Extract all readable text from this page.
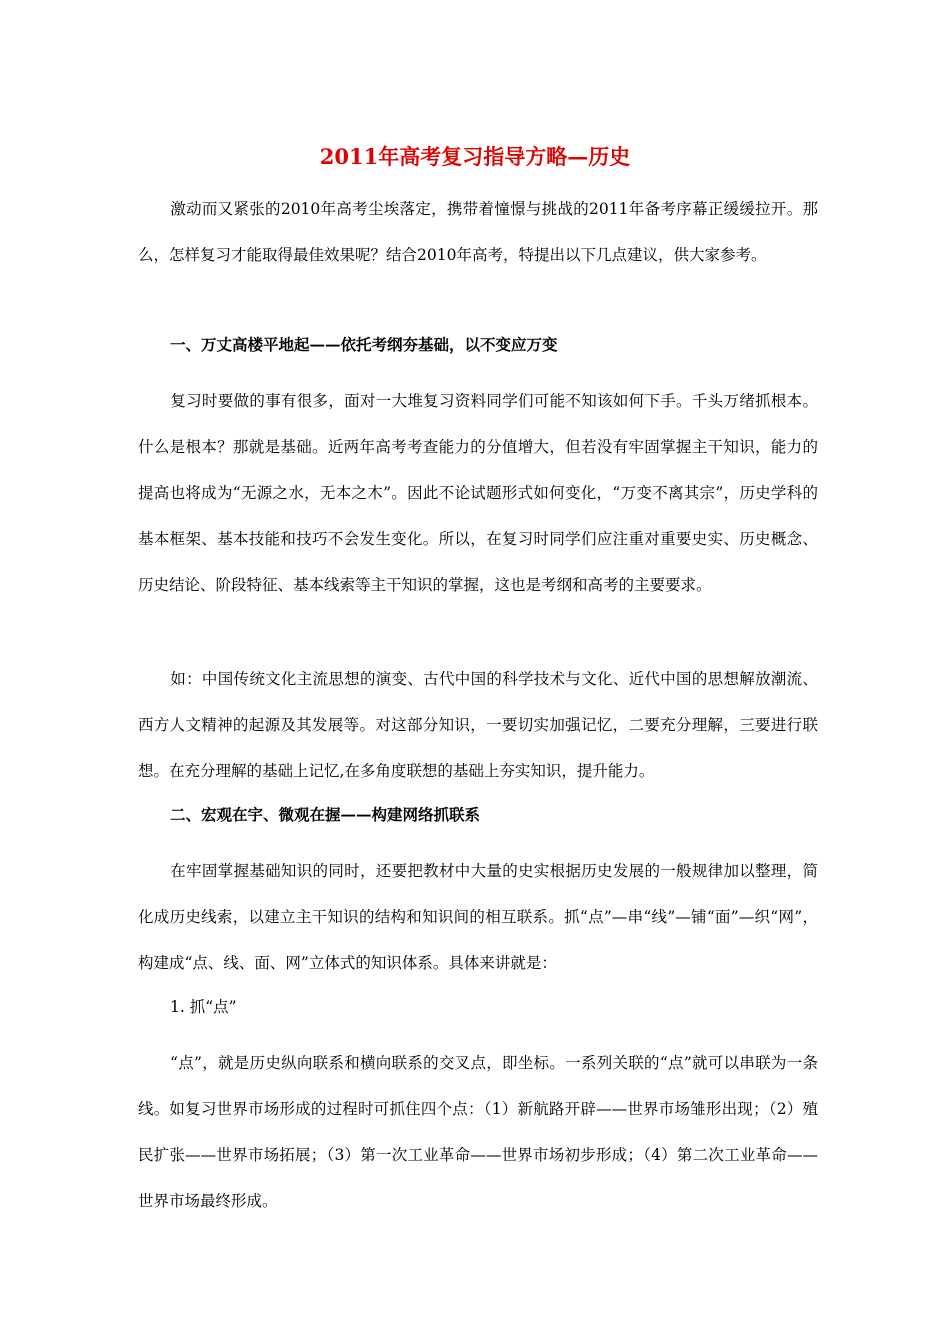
2011年高考复习指导方略—历史

激动而又紧张的2010年高考尘埃落定，携带着憧憬与挑战的2011年备考序幕正缓缓拉开。那么，怎样复习才能取得最佳效果呢？结合2010年高考，特提出以下几点建议，供大家参考。

一、万丈高楼平地起——依托考纲夯基础，以不变应万变

复习时要做的事有很多，面对一大堆复习资料同学们可能不知该如何下手。千头万绪抓根本。什么是根本？那就是基础。近两年高考考查能力的分值增大，但若没有牢固掌握主干知识，能力的提高也将成为“无源之水，无本之木”。因此不论试题形式如何变化，“万变不离其宗”，历史学科的基本框架、基本技能和技巧不会发生变化。所以，在复习时同学们应注重对重要史实、历史概念、历史结论、阶段特征、基本线索等主干知识的掌握，这也是考纲和高考的主要要求。

如：中国传统文化主流思想的演变、古代中国的科学技术与文化、近代中国的思想解放潮流、西方人文精神的起源及其发展等。对这部分知识，一要切实加强记忆，二要充分理解，三要进行联想。在充分理解的基础上记忆,在多角度联想的基础上夯实知识，提升能力。

二、宏观在宇、微观在握——构建网络抓联系

在牢固掌握基础知识的同时，还要把教材中大量的史实根据历史发展的一般规律加以整理，简化成历史线索，以建立主干知识的结构和知识间的相互联系。抓“点”—串“线”—铺“面”—织“网”，构建成“点、线、面、网”立体式的知识体系。具体来讲就是：

1. 抓“点”

“点”，就是历史纵向联系和横向联系的交叉点，即坐标。一系列关联的“点”就可以串联为一条线。如复习世界市场形成的过程时可抓住四个点：（1）新航路开辟——世界市场雏形出现；（2）殖民扩张——世界市场拓展；（3）第一次工业革命——世界市场初步形成；（4）第二次工业革命——世界市场最终形成。
